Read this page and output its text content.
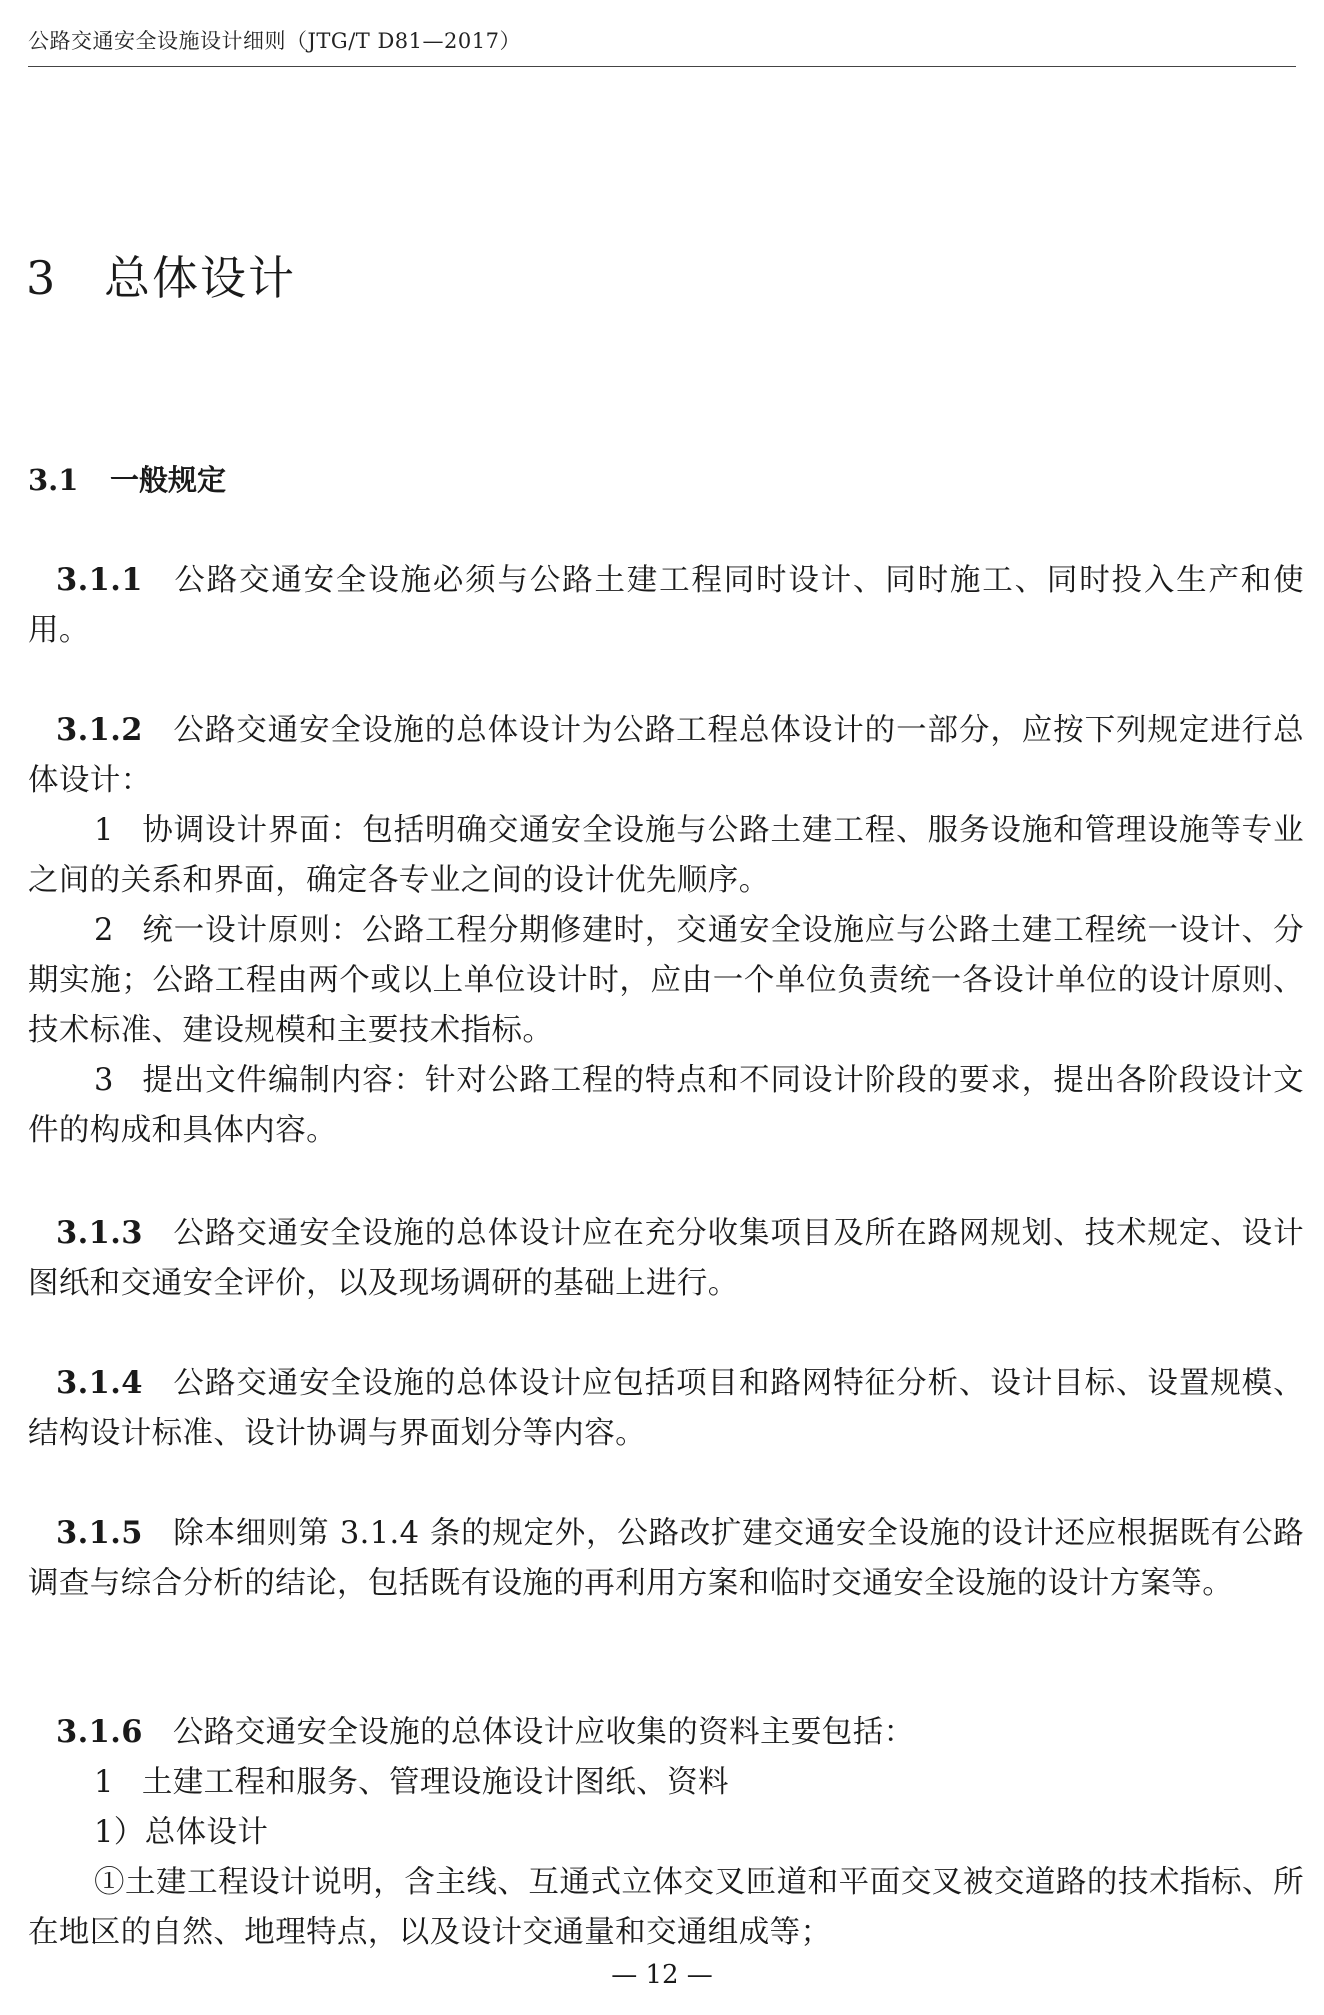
公路交通安全设施设计细则（JTG/T D81—2017）
3 总体设计
3.1 一般规定

3.1.1 公路交通安全设施必须与公路土建工程同时设计、同时施工、同时投入生产和使用。

3.1.2 公路交通安全设施的总体设计为公路工程总体设计的一部分，应按下列规定进行总体设计：

1 协调设计界面：包括明确交通安全设施与公路土建工程、服务设施和管理设施等专业之间的关系和界面，确定各专业之间的设计优先顺序。

2 统一设计原则：公路工程分期修建时，交通安全设施应与公路土建工程统一设计、分期实施；公路工程由两个或以上单位设计时，应由一个单位负责统一各设计单位的设计原则、技术标准、建设规模和主要技术指标。

3 提出文件编制内容：针对公路工程的特点和不同设计阶段的要求，提出各阶段设计文件的构成和具体内容。

3.1.3 公路交通安全设施的总体设计应在充分收集项目及所在路网规划、技术规定、设计图纸和交通安全评价，以及现场调研的基础上进行。

3.1.4 公路交通安全设施的总体设计应包括项目和路网特征分析、设计目标、设置规模、结构设计标准、设计协调与界面划分等内容。

3.1.5 除本细则第 3.1.4 条的规定外，公路改扩建交通安全设施的设计还应根据既有公路调查与综合分析的结论，包括既有设施的再利用方案和临时交通安全设施的设计方案等。

3.1.6 公路交通安全设施的总体设计应收集的资料主要包括：

1 土建工程和服务、管理设施设计图纸、资料

1）总体设计

①土建工程设计说明，含主线、互通式立体交叉匝道和平面交叉被交道路的技术指标、所在地区的自然、地理特点，以及设计交通量和交通组成等；

— 12 —
